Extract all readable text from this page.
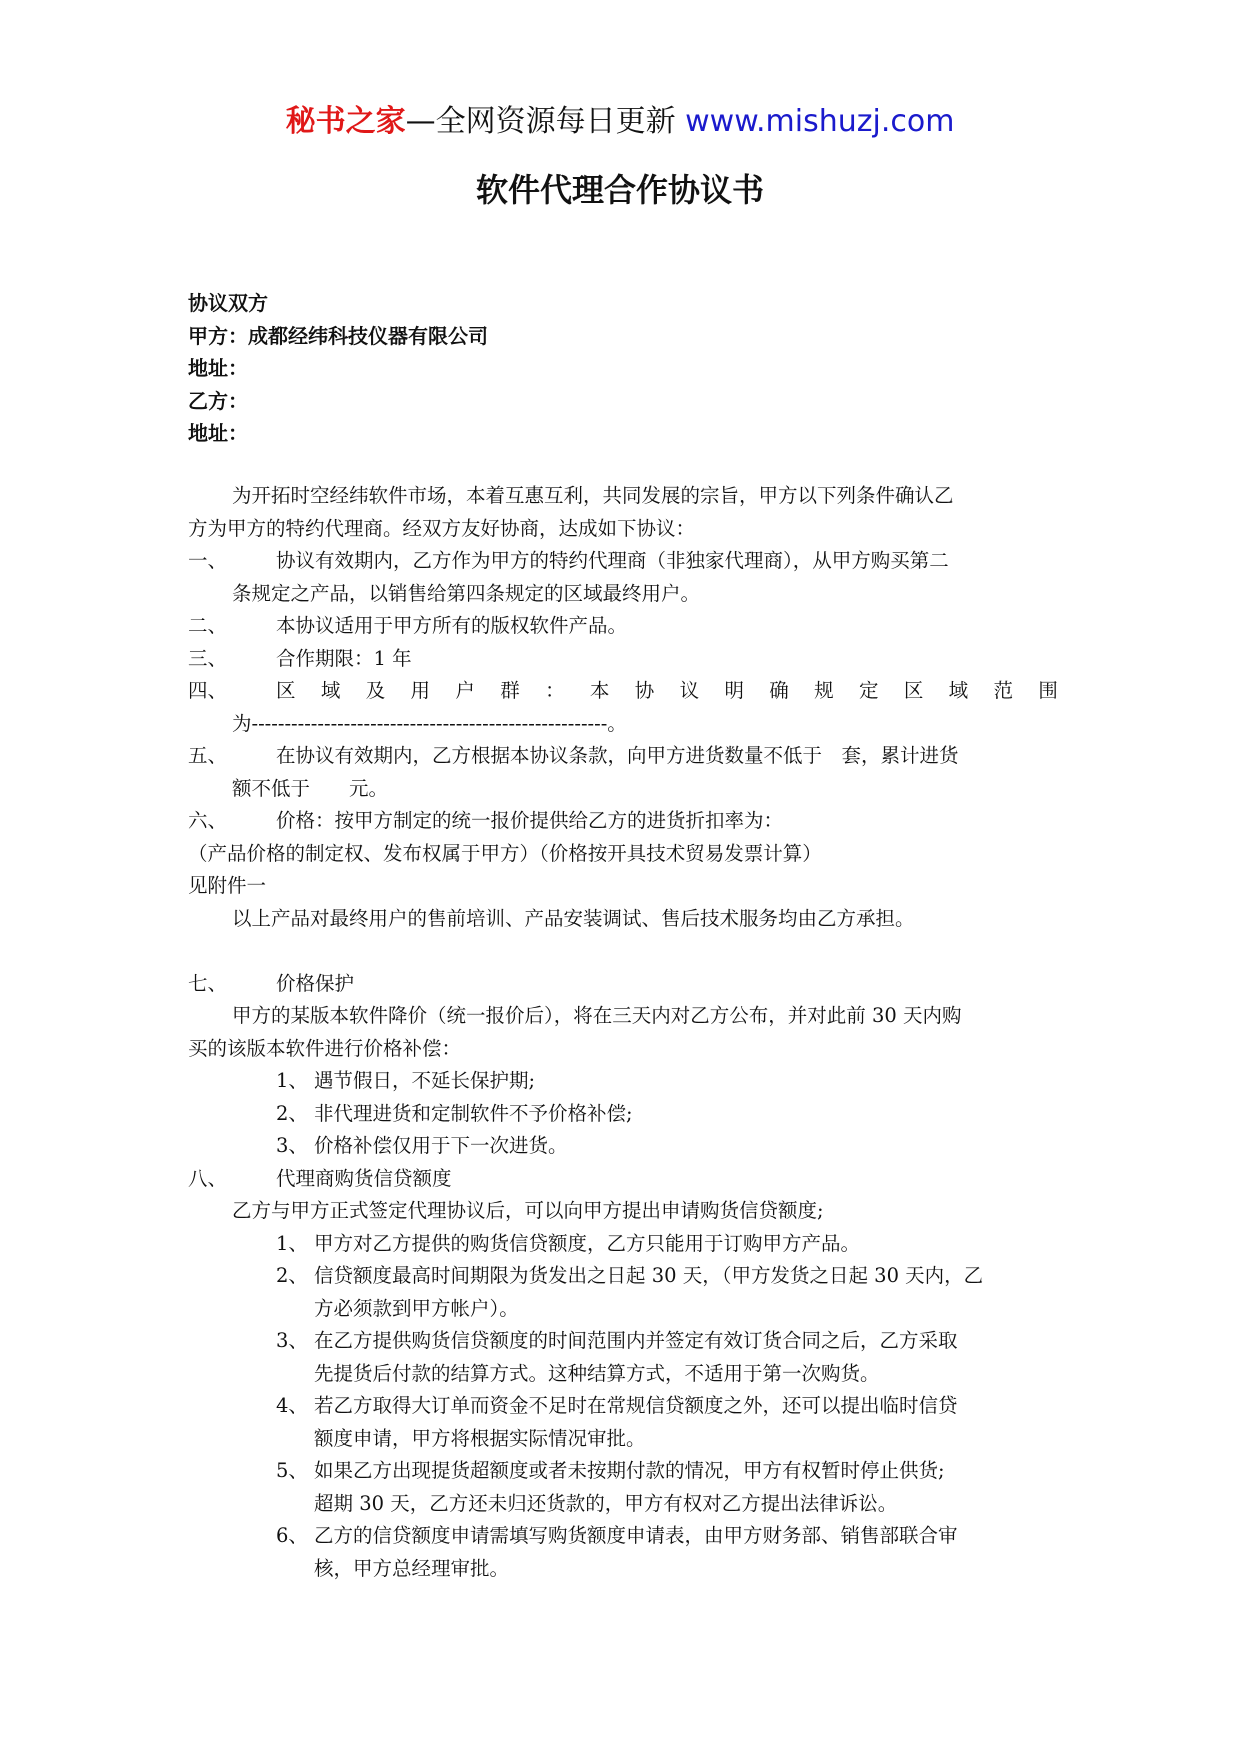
秘书之家—全网资源每日更新 www.mishuzj.com
软件代理合作协议书
协议双方
甲方：成都经纬科技仪器有限公司
地址：
乙方：
地址：
为开拓时空经纬软件市场，本着互惠互利，共同发展的宗旨，甲方以下列条件确认乙
方为甲方的特约代理商。经双方友好协商，达成如下协议：
一、	协议有效期内，乙方作为甲方的特约代理商（非独家代理商），从甲方购买第二
条规定之产品，以销售给第四条规定的区域最终用户。
二、	本协议适用于甲方所有的版权软件产品。
三、	合作期限：1 年
四、	区 域 及 用 户 群 ： 本 协 议 明 确 规 定 区 域 范 围
为------------------------------------------------------。
五、	在协议有效期内，乙方根据本协议条款，向甲方进货数量不低于　套，累计进货
额不低于　　元。
六、	价格：按甲方制定的统一报价提供给乙方的进货折扣率为：
（产品价格的制定权、发布权属于甲方）（价格按开具技术贸易发票计算）
见附件一
以上产品对最终用户的售前培训、产品安装调试、售后技术服务均由乙方承担。
七、	价格保护
甲方的某版本软件降价（统一报价后），将在三天内对乙方公布，并对此前 30 天内购
买的该版本软件进行价格补偿：
1、 遇节假日，不延长保护期;
2、 非代理进货和定制软件不予价格补偿;
3、 价格补偿仅用于下一次进货。
八、	代理商购货信贷额度
乙方与甲方正式签定代理协议后，可以向甲方提出申请购货信贷额度;
1、 甲方对乙方提供的购货信贷额度，乙方只能用于订购甲方产品。
2、 信贷额度最高时间期限为货发出之日起 30 天，（甲方发货之日起 30 天内，乙
方必须款到甲方帐户）。
3、 在乙方提供购货信贷额度的时间范围内并签定有效订货合同之后，乙方采取
先提货后付款的结算方式。这种结算方式，不适用于第一次购货。
4、 若乙方取得大订单而资金不足时在常规信贷额度之外，还可以提出临时信贷
额度申请，甲方将根据实际情况审批。
5、 如果乙方出现提货超额度或者未按期付款的情况，甲方有权暂时停止供货;
超期 30 天，乙方还未归还货款的，甲方有权对乙方提出法律诉讼。
6、 乙方的信贷额度申请需填写购货额度申请表，由甲方财务部、销售部联合审
核，甲方总经理审批。
